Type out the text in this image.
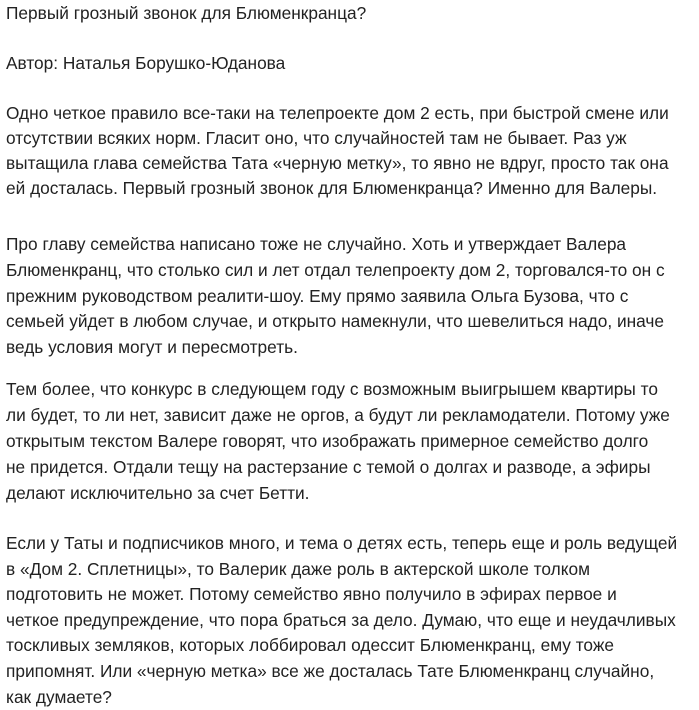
Первый грозный звонок для Блюменкранца?

Автор: Наталья Борушко-Юданова

Одно четкое правило все-таки на телепроекте дом 2 есть, при быстрой смене или
отсутствии всяких норм. Гласит оно, что случайностей там не бывает. Раз уж
вытащила глава семейства Тата «черную метку», то явно не вдруг, просто так она
ей досталась. Первый грозный звонок для Блюменкранца? Именно для Валеры.

Про главу семейства написано тоже не случайно. Хоть и утверждает Валера
Блюменкранц, что столько сил и лет отдал телепроекту дом 2, торговался-то он с
прежним руководством реалити-шоу. Ему прямо заявила Ольга Бузова, что с
семьей уйдет в любом случае, и открыто намекнули, что шевелиться надо, иначе
ведь условия могут и пересмотреть.

Тем более, что конкурс в следующем году с возможным выигрышем квартиры то
ли будет, то ли нет, зависит даже не оргов, а будут ли рекламодатели. Потому уже
открытым текстом Валере говорят, что изображать примерное семейство долго
не придется. Отдали тещу на растерзание с темой о долгах и разводе, а эфиры
делают исключительно за счет Бетти.

Если у Таты и подписчиков много, и тема о детях есть, теперь еще и роль ведущей
в «Дом 2. Сплетницы», то Валерик даже роль в актерской школе толком
подготовить не может. Потому семейство явно получило в эфирах первое и
четкое предупреждение, что пора браться за дело. Думаю, что еще и неудачливых
тоскливых земляков, которых лоббировал одессит Блюменкранц, ему тоже
припомнят. Или «черную метка» все же досталась Тате Блюменкранц случайно,
как думаете?
